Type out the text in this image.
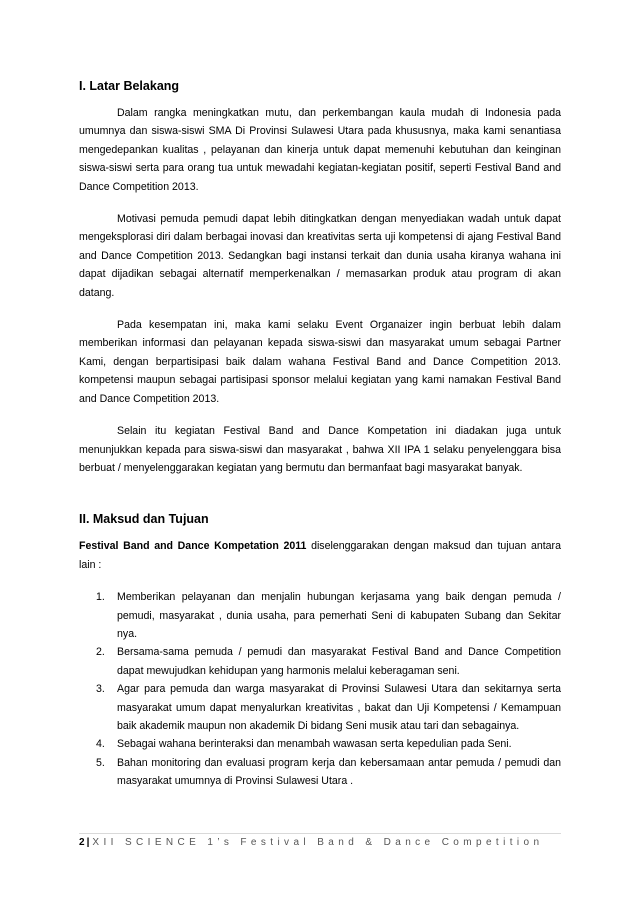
I. Latar Belakang

Dalam rangka meningkatkan mutu, dan perkembangan kaula mudah di Indonesia pada umumnya dan siswa-siswi SMA Di Provinsi Sulawesi Utara pada khususnya, maka kami senantiasa mengedepankan kualitas , pelayanan dan kinerja untuk dapat memenuhi kebutuhan dan keinginan siswa-siswi serta para orang tua untuk mewadahi kegiatan-kegiatan positif, seperti Festival Band and Dance Competition 2013.

Motivasi pemuda pemudi dapat lebih ditingkatkan dengan menyediakan wadah untuk dapat mengeksplorasi diri dalam berbagai inovasi dan kreativitas serta uji kompetensi di ajang Festival Band and Dance Competition 2013. Sedangkan bagi instansi terkait dan dunia usaha kiranya wahana ini dapat dijadikan sebagai alternatif memperkenalkan / memasarkan produk atau program di akan datang.

Pada kesempatan ini, maka kami selaku Event Organaizer ingin berbuat lebih dalam memberikan informasi dan pelayanan kepada siswa-siswi dan masyarakat umum sebagai Partner Kami, dengan berpartisipasi baik dalam wahana Festival Band and Dance Competition 2013. kompetensi maupun sebagai partisipasi sponsor melalui kegiatan yang kami namakan Festival Band and Dance Competition 2013.

Selain itu kegiatan Festival Band and Dance Kompetation ini diadakan juga untuk menunjukkan kepada para siswa-siswi dan masyarakat , bahwa XII IPA 1 selaku penyelenggara bisa berbuat / menyelenggarakan kegiatan yang bermutu dan bermanfaat bagi masyarakat banyak.

II. Maksud dan Tujuan

Festival Band and Dance Kompetation 2011 diselenggarakan dengan maksud dan tujuan antara lain :

1. Memberikan pelayanan dan menjalin hubungan kerjasama yang baik dengan pemuda / pemudi, masyarakat , dunia usaha, para pemerhati Seni di kabupaten Subang dan Sekitar nya.
2. Bersama-sama pemuda / pemudi dan masyarakat Festival Band and Dance Competition dapat mewujudkan kehidupan yang harmonis melalui keberagaman seni.
3. Agar para pemuda dan warga masyarakat di Provinsi Sulawesi Utara dan sekitarnya serta masyarakat umum dapat menyalurkan kreativitas , bakat dan Uji Kompetensi / Kemampuan baik akademik maupun non akademik Di bidang Seni musik atau tari dan sebagainya.
4. Sebagai wahana berinteraksi dan menambah wawasan serta kepedulian pada Seni.
5. Bahan monitoring dan evaluasi program kerja dan kebersamaan antar pemuda / pemudi dan masyarakat umumnya di Provinsi Sulawesi Utara .
2 | XII SCIENCE 1’s Festival Band & Dance Competition
